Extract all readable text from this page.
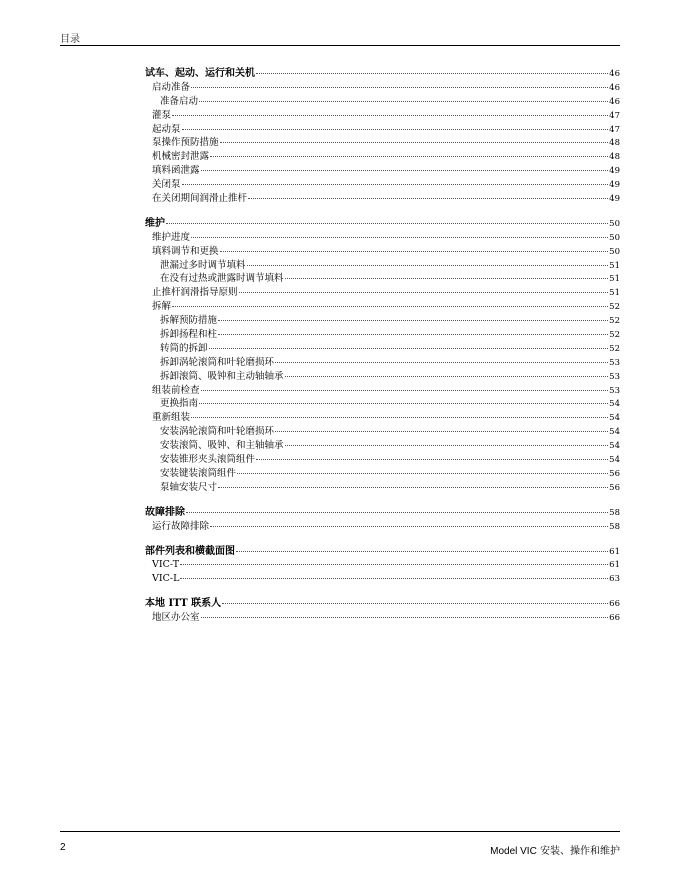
目录
试车、起动、运行和关机	46
启动准备	46
准备启动	46
灌泵	47
起动泵	47
泵操作预防措施	48
机械密封泄露	48
填料函泄露	49
关闭泵	49
在关闭期间润滑止推杆	49
维护	50
维护进度	50
填料调节和更换	50
泄漏过多时调节填料	51
在没有过热或泄露时调节填料	51
止推杆润滑指导原则	51
拆解	52
拆解预防措施	52
拆卸扬程和柱	52
转筒的拆卸	52
拆卸涡轮滚筒和叶轮磨损环	53
拆卸滚筒、吸钟和主动轴轴承	53
组装前检查	53
更换指南	54
重新组装	54
安装涡轮滚筒和叶轮磨损环	54
安装滚筒、吸钟、和主轴轴承	54
安装锥形夹头滚筒组件	54
安装键装滚筒组件	56
泵轴安装尺寸	56
故障排除	58
运行故障排除	58
部件列表和横截面图	61
VIC-T	61
VIC-L	63
本地 ITT 联系人	66
地区办公室	66
2	Model VIC 安装、操作和维护
